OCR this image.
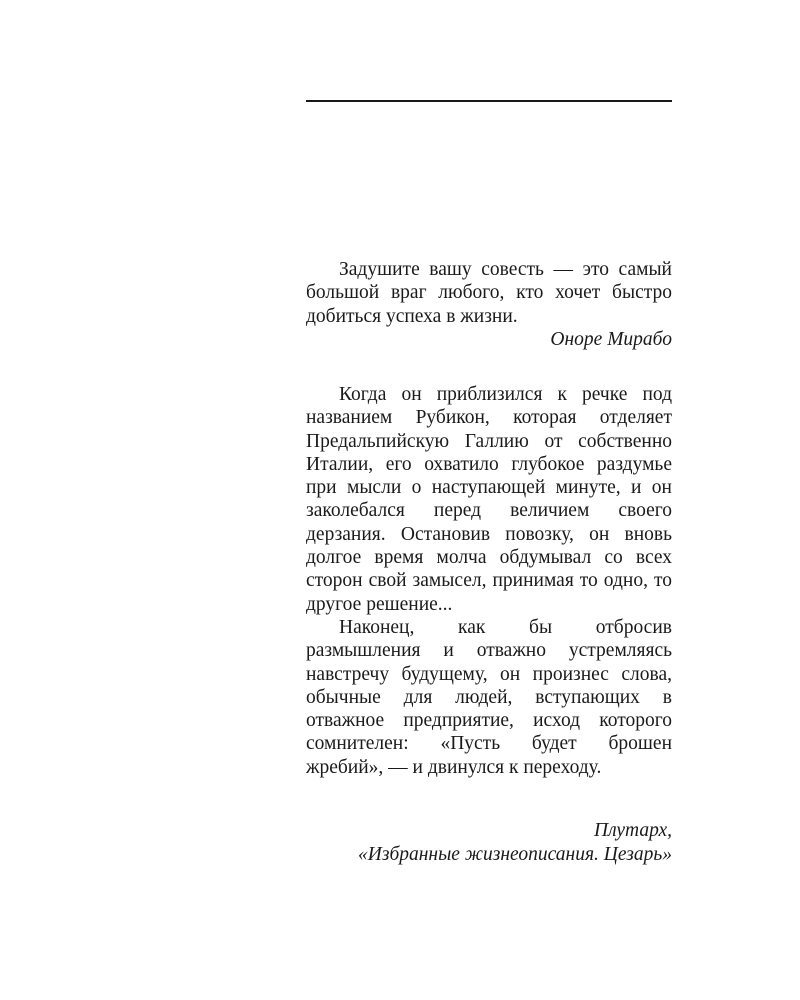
Задушите вашу совесть — это самый большой враг любого, кто хочет быстро добиться успеха в жизни.

Оноре Мирабо

Когда он приблизился к речке под названием Рубикон, которая отделяет Предальпийскую Галлию от собственно Италии, его охватило глубокое раздумье при мысли о наступающей минуте, и он заколебался перед величием своего дерзания. Остановив повозку, он вновь долгое время молча обдумывал со всех сторон свой замысел, принимая то одно, то другое решение...

Наконец, как бы отбросив размышления и отважно устремляясь навстречу будущему, он произнес слова, обычные для людей, вступающих в отважное предприятие, исход которого сомнителен: «Пусть будет брошен жребий», — и двинулся к переходу.

Плутарх,
«Избранные жизнеописания. Цезарь»
